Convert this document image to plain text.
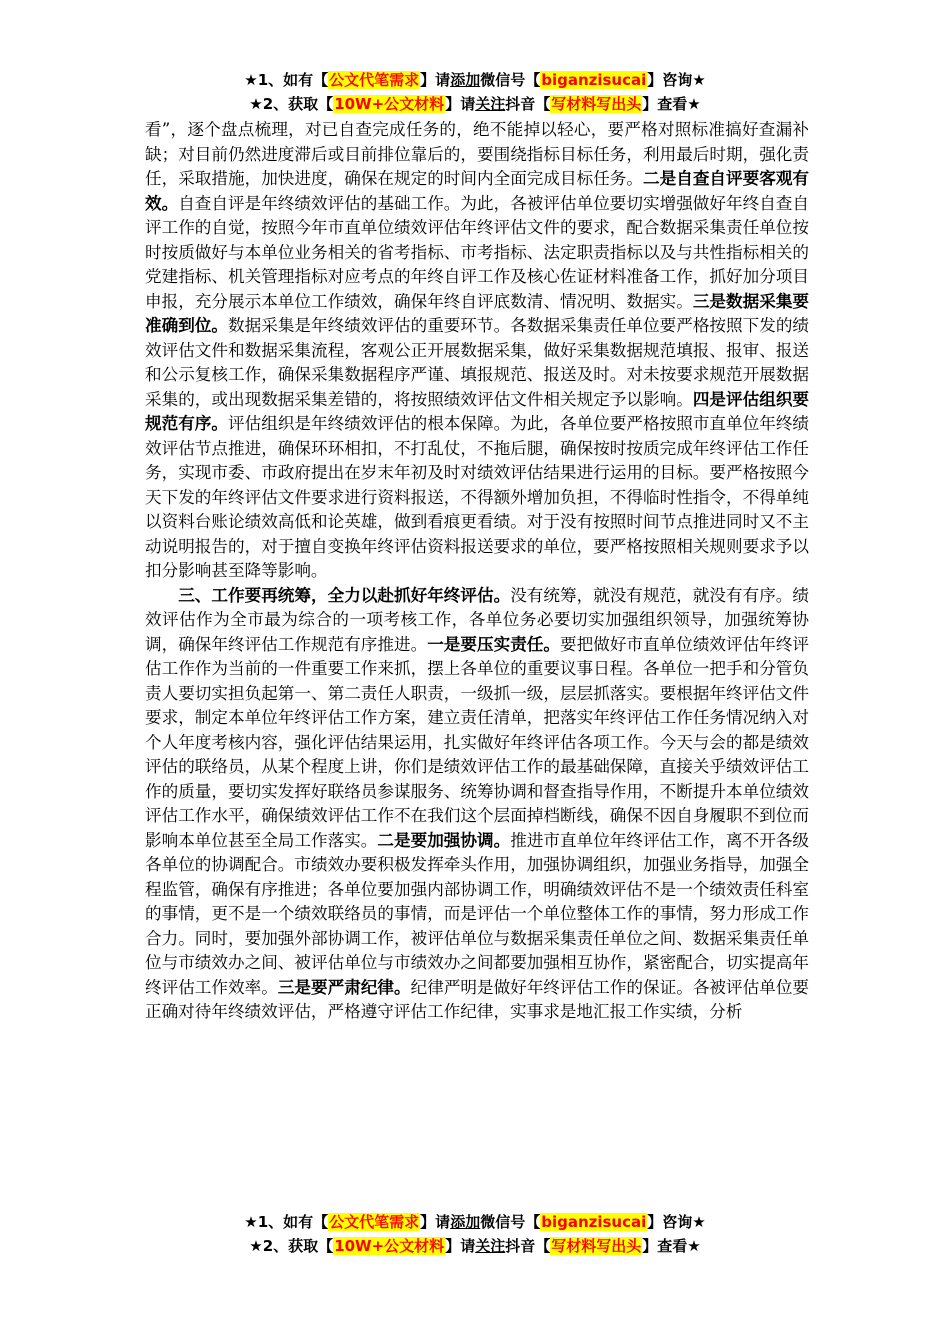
★1、如有【公文代笔需求】请添加微信号【biganzisucai】咨询★
★2、获取【10W+公文材料】请关注抖音【写材料写出头】查看★

看”，逐个盘点梳理，对已自查完成任务的，绝不能掉以轻心，要严格对照标准搞好查漏补缺；对目前仍然进度滞后或目前排位靠后的，要围绕指标目标任务，利用最后时期，强化责任，采取措施，加快进度，确保在规定的时间内全面完成目标任务。二是自查自评要客观有效。自查自评是年终绩效评估的基础工作。为此，各被评估单位要切实增强做好年终自查自评工作的自觉，按照今年市直单位绩效评估年终评估文件的要求，配合数据采集责任单位按时按质做好与本单位业务相关的省考指标、市考指标、法定职责指标以及与共性指标相关的党建指标、机关管理指标对应考点的年终自评工作及核心佐证材料准备工作，抓好加分项目申报，充分展示本单位工作绩效，确保年终自评底数清、情况明、数据实。三是数据采集要准确到位。数据采集是年终绩效评估的重要环节。各数据采集责任单位要严格按照下发的绩效评估文件和数据采集流程，客观公正开展数据采集，做好采集数据规范填报、报审、报送和公示复核工作，确保采集数据程序严谨、填报规范、报送及时。对未按要求规范开展数据采集的，或出现数据采集差错的，将按照绩效评估文件相关规定予以影响。四是评估组织要规范有序。评估组织是年终绩效评估的根本保障。为此，各单位要严格按照市直单位年终绩效评估节点推进，确保环环相扣，不打乱仗，不拖后腿，确保按时按质完成年终评估工作任务，实现市委、市政府提出在岁末年初及时对绩效评估结果进行运用的目标。要严格按照今天下发的年终评估文件要求进行资料报送，不得额外增加负担，不得临时性指令，不得单纯以资料台账论绩效高低和论英雄，做到看痕更看绩。对于没有按照时间节点推进同时又不主动说明报告的，对于擅自变换年终评估资料报送要求的单位，要严格按照相关规则要求予以扣分影响甚至降等影响。

三、工作要再统筹，全力以赴抓好年终评估。没有统筹，就没有规范，就没有有序。绩效评估作为全市最为综合的一项考核工作，各单位务必要切实加强组织领导，加强统筹协调，确保年终评估工作规范有序推进。一是要压实责任。要把做好市直单位绩效评估年终评估工作作为当前的一件重要工作来抓，摆上各单位的重要议事日程。各单位一把手和分管负责人要切实担负起第一、第二责任人职责，一级抓一级，层层抓落实。要根据年终评估文件要求，制定本单位年终评估工作方案，建立责任清单，把落实年终评估工作任务情况纳入对个人年度考核内容，强化评估结果运用，扎实做好年终评估各项工作。今天与会的都是绩效评估的联络员，从某个程度上讲，你们是绩效评估工作的最基础保障，直接关乎绩效评估工作的质量，要切实发挥好联络员参谋服务、统筹协调和督查指导作用，不断提升本单位绩效评估工作水平，确保绩效评估工作不在我们这个层面掉档断线，确保不因自身履职不到位而影响本单位甚至全局工作落实。二是要加强协调。推进市直单位年终评估工作，离不开各级各单位的协调配合。市绩效办要积极发挥牵头作用，加强协调组织，加强业务指导，加强全程监管，确保有序推进；各单位要加强内部协调工作，明确绩效评估不是一个绩效责任科室的事情，更不是一个绩效联络员的事情，而是评估一个单位整体工作的事情，努力形成工作合力。同时，要加强外部协调工作，被评估单位与数据采集责任单位之间、数据采集责任单位与市绩效办之间、被评估单位与市绩效办之间都要加强相互协作，紧密配合，切实提高年终评估工作效率。三是要严肃纪律。纪律严明是做好年终评估工作的保证。各被评估单位要正确对待年终绩效评估，严格遵守评估工作纪律，实事求是地汇报工作实绩，分析

★1、如有【公文代笔需求】请添加微信号【biganzisucai】咨询★
★2、获取【10W+公文材料】请关注抖音【写材料写出头】查看★
